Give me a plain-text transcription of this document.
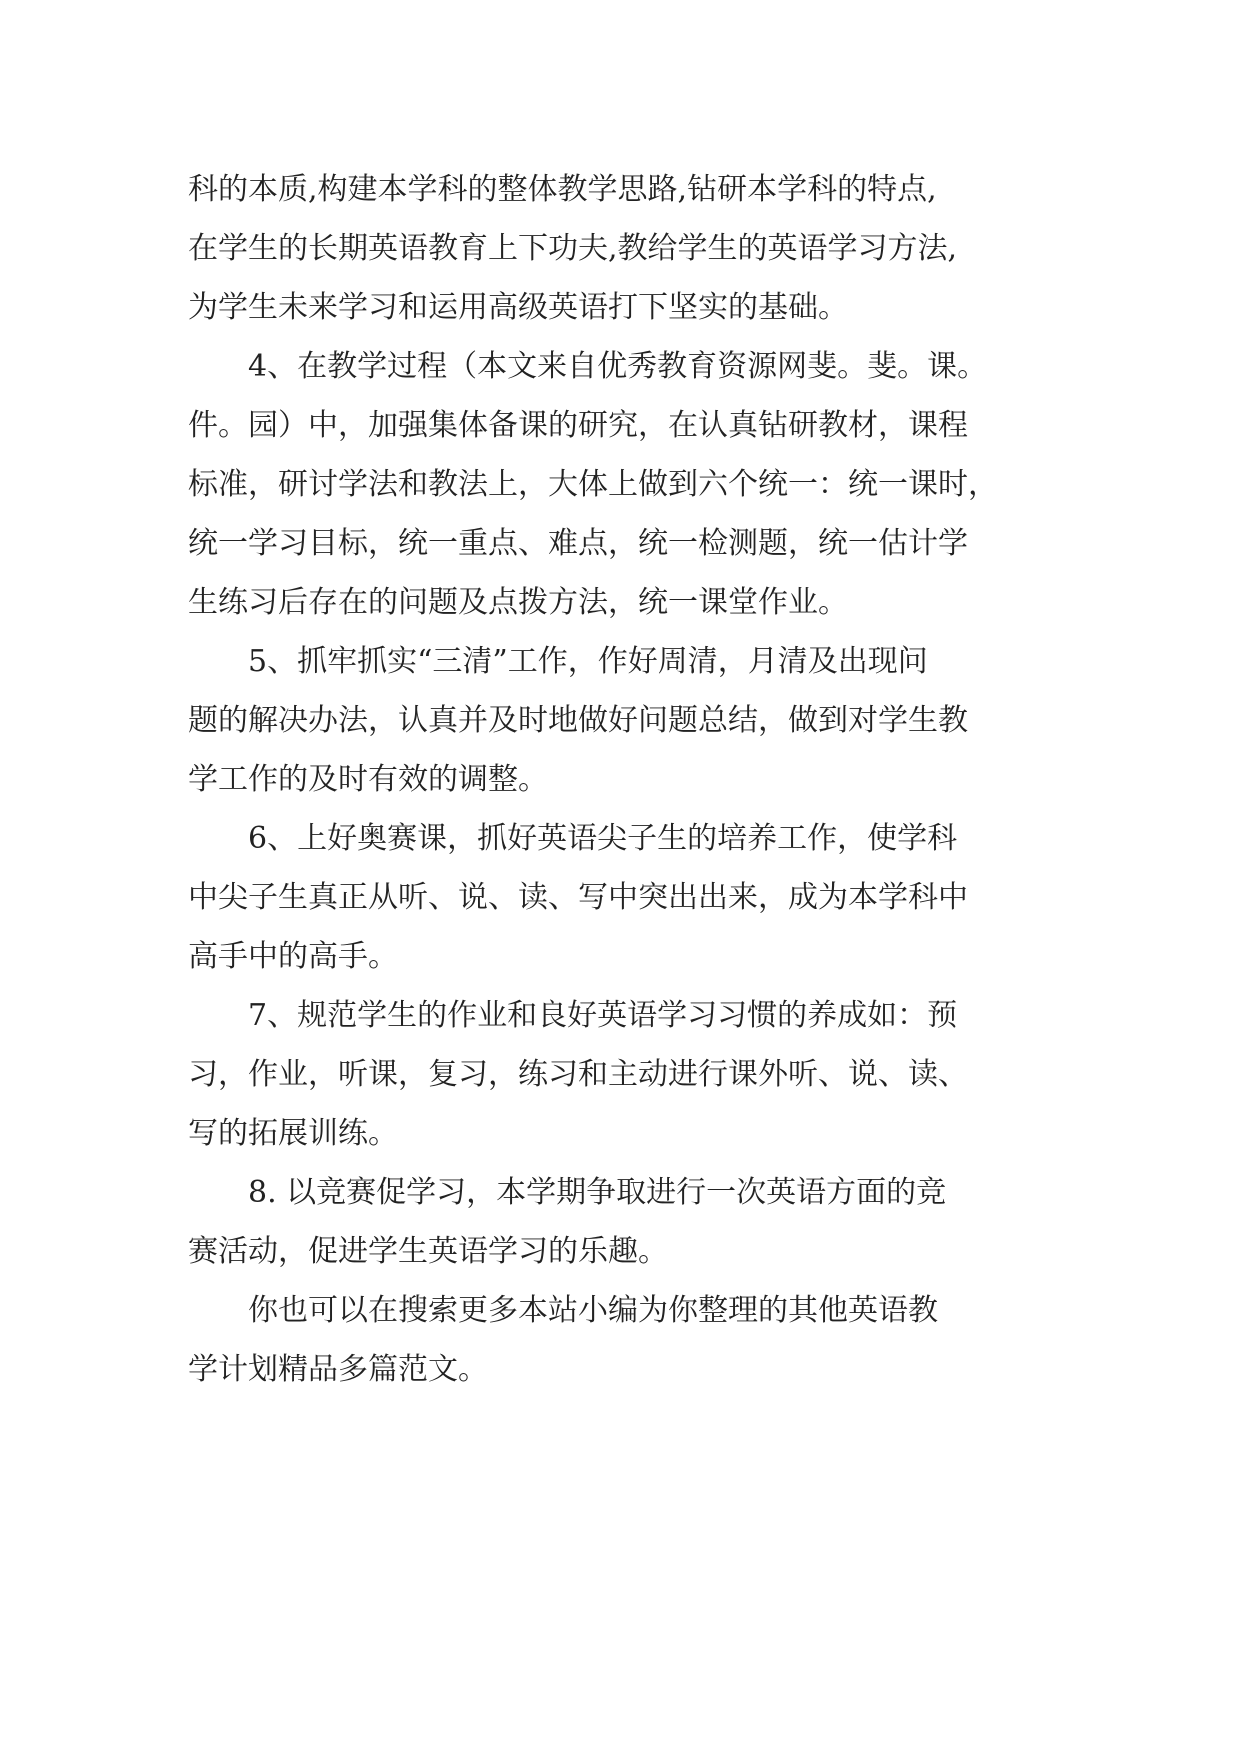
科的本质,构建本学科的整体教学思路,钻研本学科的特点,
在学生的长期英语教育上下功夫,教给学生的英语学习方法,
为学生未来学习和运用高级英语打下坚实的基础。
4、在教学过程（本文来自优秀教育资源网斐。斐。课。
件。园）中，加强集体备课的研究，在认真钻研教材，课程
标准，研讨学法和教法上，大体上做到六个统一：统一课时，
统一学习目标，统一重点、难点，统一检测题，统一估计学
生练习后存在的问题及点拨方法，统一课堂作业。
5、抓牢抓实“三清”工作，作好周清，月清及出现问
题的解决办法，认真并及时地做好问题总结，做到对学生教
学工作的及时有效的调整。
6、上好奥赛课，抓好英语尖子生的培养工作，使学科
中尖子生真正从听、说、读、写中突出出来，成为本学科中
高手中的高手。
7、规范学生的作业和良好英语学习习惯的养成如：预
习，作业，听课，复习，练习和主动进行课外听、说、读、
写的拓展训练。
8. 以竞赛促学习，本学期争取进行一次英语方面的竞
赛活动，促进学生英语学习的乐趣。
你也可以在搜索更多本站小编为你整理的其他英语教
学计划精品多篇范文。
